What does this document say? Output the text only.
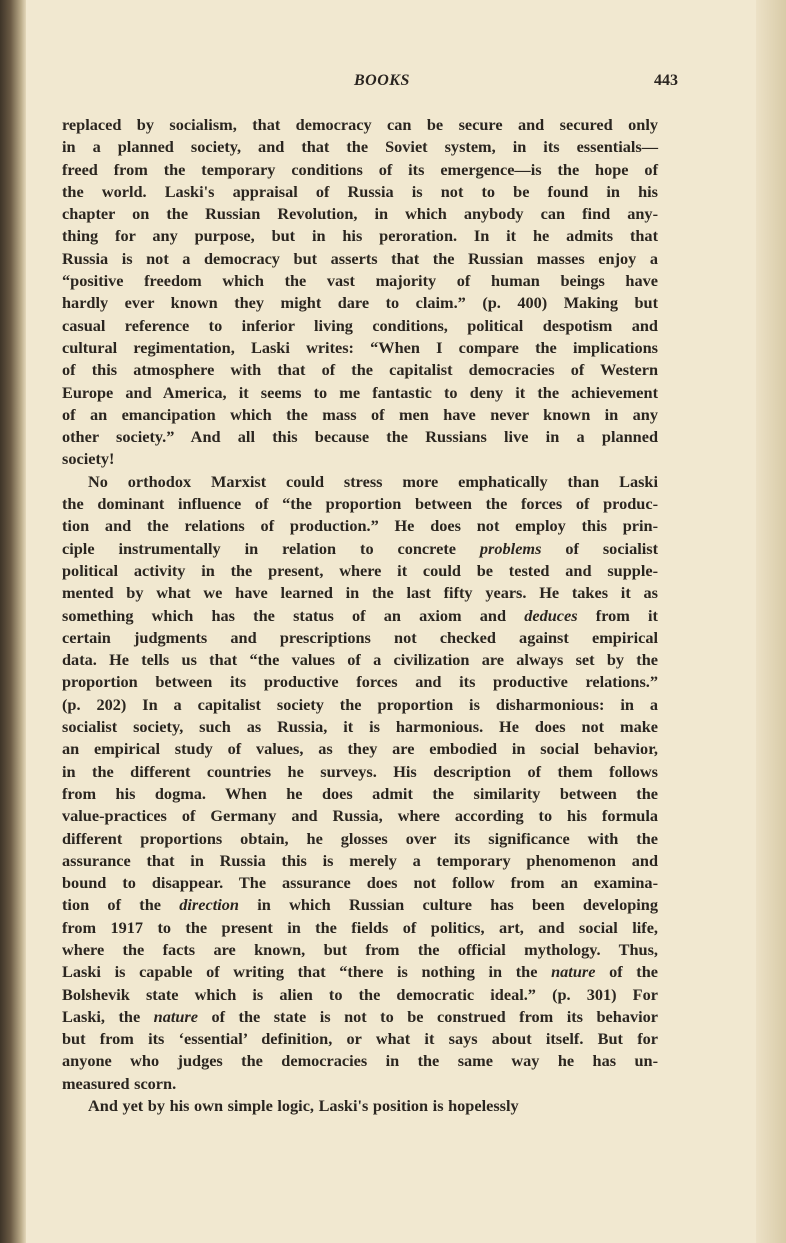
BOOKS	443
replaced by socialism, that democracy can be secure and secured only
in a planned society, and that the Soviet system, in its essentials—
freed from the temporary conditions of its emergence—is the hope of
the world. Laski's appraisal of Russia is not to be found in his
chapter on the Russian Revolution, in which anybody can find any-
thing for any purpose, but in his peroration. In it he admits that
Russia is not a democracy but asserts that the Russian masses enjoy a
“positive freedom which the vast majority of human beings have
hardly ever known they might dare to claim.” (p. 400) Making but
casual reference to inferior living conditions, political despotism and
cultural regimentation, Laski writes: “When I compare the implications
of this atmosphere with that of the capitalist democracies of Western
Europe and America, it seems to me fantastic to deny it the achievement
of an emancipation which the mass of men have never known in any
other society.” And all this because the Russians live in a planned
society!
No orthodox Marxist could stress more emphatically than Laski
the dominant influence of “the proportion between the forces of produc-
tion and the relations of production.” He does not employ this prin-
ciple instrumentally in relation to concrete problems of socialist
political activity in the present, where it could be tested and supple-
mented by what we have learned in the last fifty years. He takes it as
something which has the status of an axiom and deduces from it
certain judgments and prescriptions not checked against empirical
data. He tells us that “the values of a civilization are always set by the
proportion between its productive forces and its productive relations.”
(p. 202) In a capitalist society the proportion is disharmonious: in a
socialist society, such as Russia, it is harmonious. He does not make
an empirical study of values, as they are embodied in social behavior,
in the different countries he surveys. His description of them follows
from his dogma. When he does admit the similarity between the
value-practices of Germany and Russia, where according to his formula
different proportions obtain, he glosses over its significance with the
assurance that in Russia this is merely a temporary phenomenon and
bound to disappear. The assurance does not follow from an examina-
tion of the direction in which Russian culture has been developing
from 1917 to the present in the fields of politics, art, and social life,
where the facts are known, but from the official mythology. Thus,
Laski is capable of writing that “there is nothing in the nature of the
Bolshevik state which is alien to the democratic ideal.” (p. 301) For
Laski, the nature of the state is not to be construed from its behavior
but from its ‘essential’ definition, or what it says about itself. But for
anyone who judges the democracies in the same way he has un-
measured scorn.
And yet by his own simple logic, Laski's position is hopelessly
